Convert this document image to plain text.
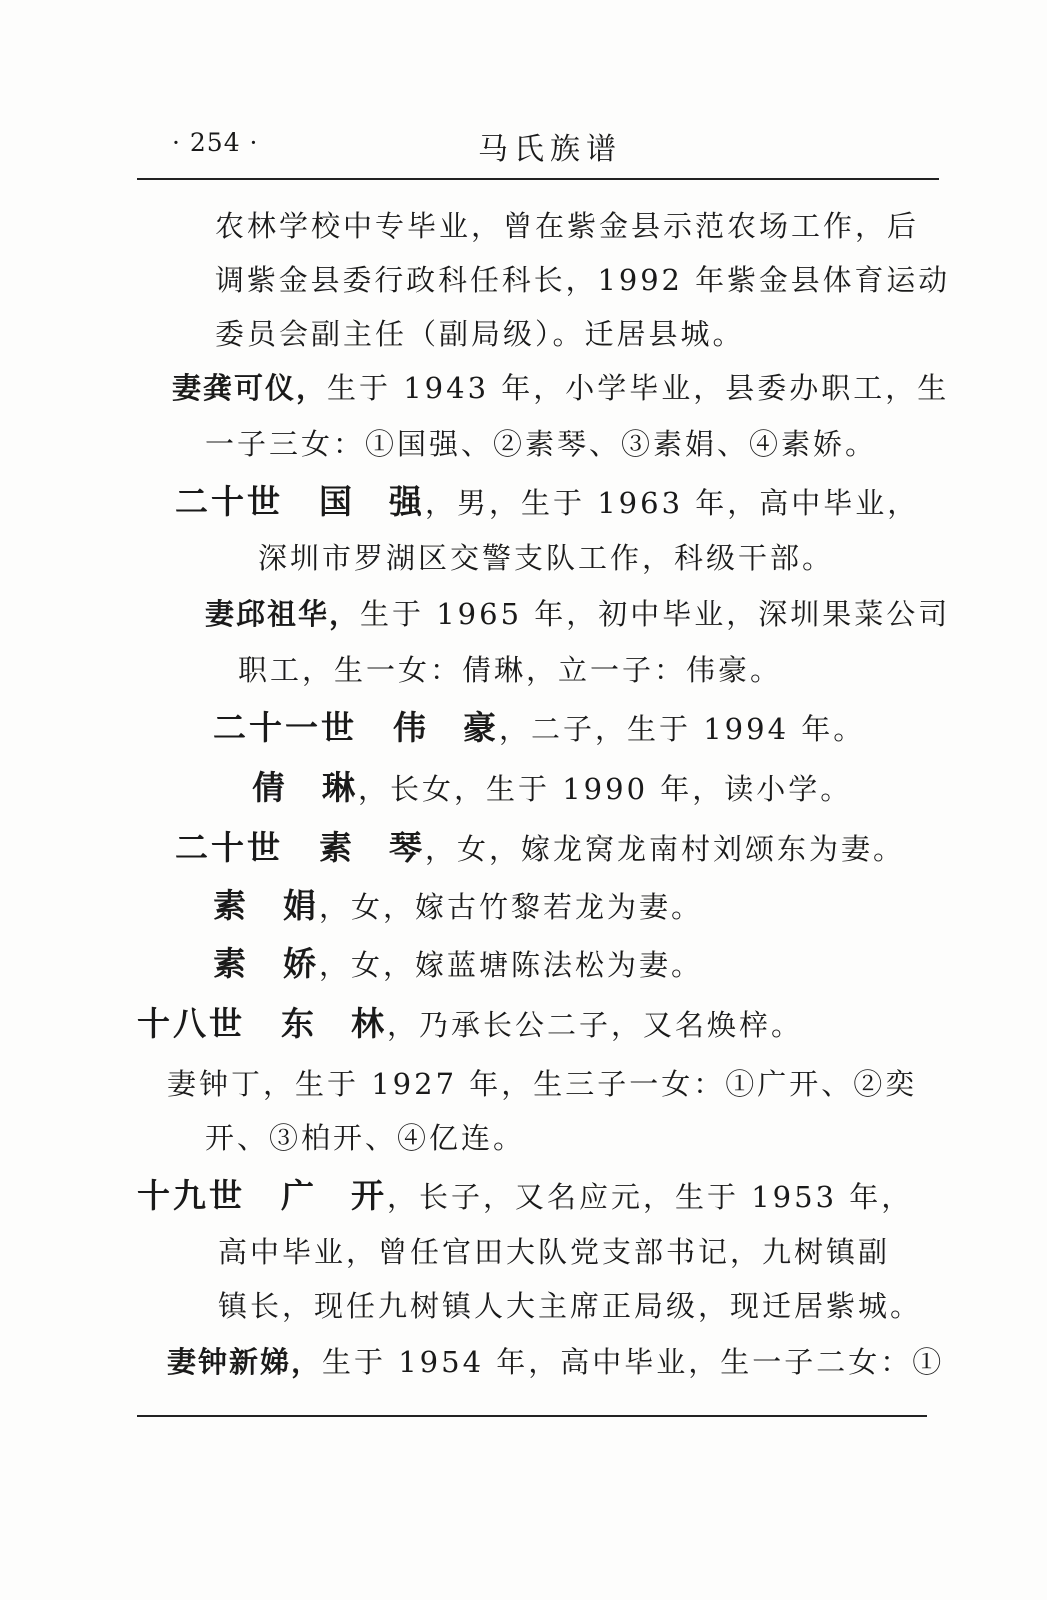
· 254 ·	马氏族谱
农林学校中专毕业，曾在紫金县示范农场工作，后
调紫金县委行政科任科长，1992 年紫金县体育运动
委员会副主任（副局级）。迁居县城。
妻龚可仪，生于 1943 年，小学毕业，县委办职工，生
一子三女：①国强、②素琴、③素娟、④素娇。
二十世 国 强，男，生于 1963 年，高中毕业，
深圳市罗湖区交警支队工作，科级干部。
妻邱祖华，生于 1965 年，初中毕业，深圳果菜公司
职工，生一女：倩琳，立一子：伟豪。
二十一世 伟 豪，二子，生于 1994 年。
倩 琳，长女，生于 1990 年，读小学。
二十世 素 琴，女，嫁龙窝龙南村刘颂东为妻。
素 娟，女，嫁古竹黎若龙为妻。
素 娇，女，嫁蓝塘陈法松为妻。
十八世 东 林，乃承长公二子，又名焕梓。
妻钟丁，生于 1927 年，生三子一女：①广开、②奕
开、③柏开、④亿连。
十九世 广 开，长子，又名应元，生于 1953 年，
高中毕业，曾任官田大队党支部书记，九树镇副
镇长，现任九树镇人大主席正局级，现迁居紫城。
妻钟新娣，生于 1954 年，高中毕业，生一子二女：①
